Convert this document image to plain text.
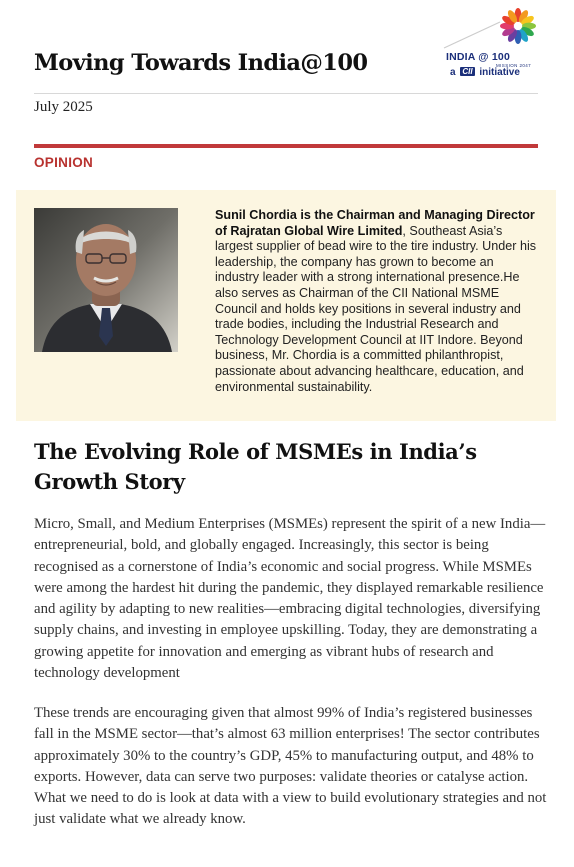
Moving Towards India@100	INDIA @ 100
MISSION 2047
a CII initiative
July 2025
OPINION
Sunil Chordia is the Chairman and Managing Director of Rajratan Global Wire Limited, Southeast Asia’s largest supplier of bead wire to the tire industry. Under his leadership, the company has grown to become an industry leader with a strong international presence.He also serves as Chairman of the CII National MSME Council and holds key positions in several industry and trade bodies, including the Industrial Research and Technology Development Council at IIT Indore. Beyond business, Mr. Chordia is a committed philanthropist, passionate about advancing healthcare, education, and environmental sustainability.
The Evolving Role of MSMEs in India’s Growth Story
Micro, Small, and Medium Enterprises (MSMEs) represent the spirit of a new India—entrepreneurial, bold, and globally engaged. Increasingly, this sector is being recognised as a cornerstone of India’s economic and social progress. While MSMEs were among the hardest hit during the pandemic, they displayed remarkable resilience and agility by adapting to new realities—embracing digital technologies, diversifying supply chains, and investing in employee upskilling. Today, they are demonstrating a growing appetite for innovation and emerging as vibrant hubs of research and technology development
These trends are encouraging given that almost 99% of India’s registered businesses fall in the MSME sector—that’s almost 63 million enterprises! The sector contributes approximately 30% to the country’s GDP, 45% to manufacturing output, and 48% to exports. However, data can serve two purposes: validate theories or catalyse action. What we need to do is look at data with a view to build evolutionary strategies and not just validate what we already know.
